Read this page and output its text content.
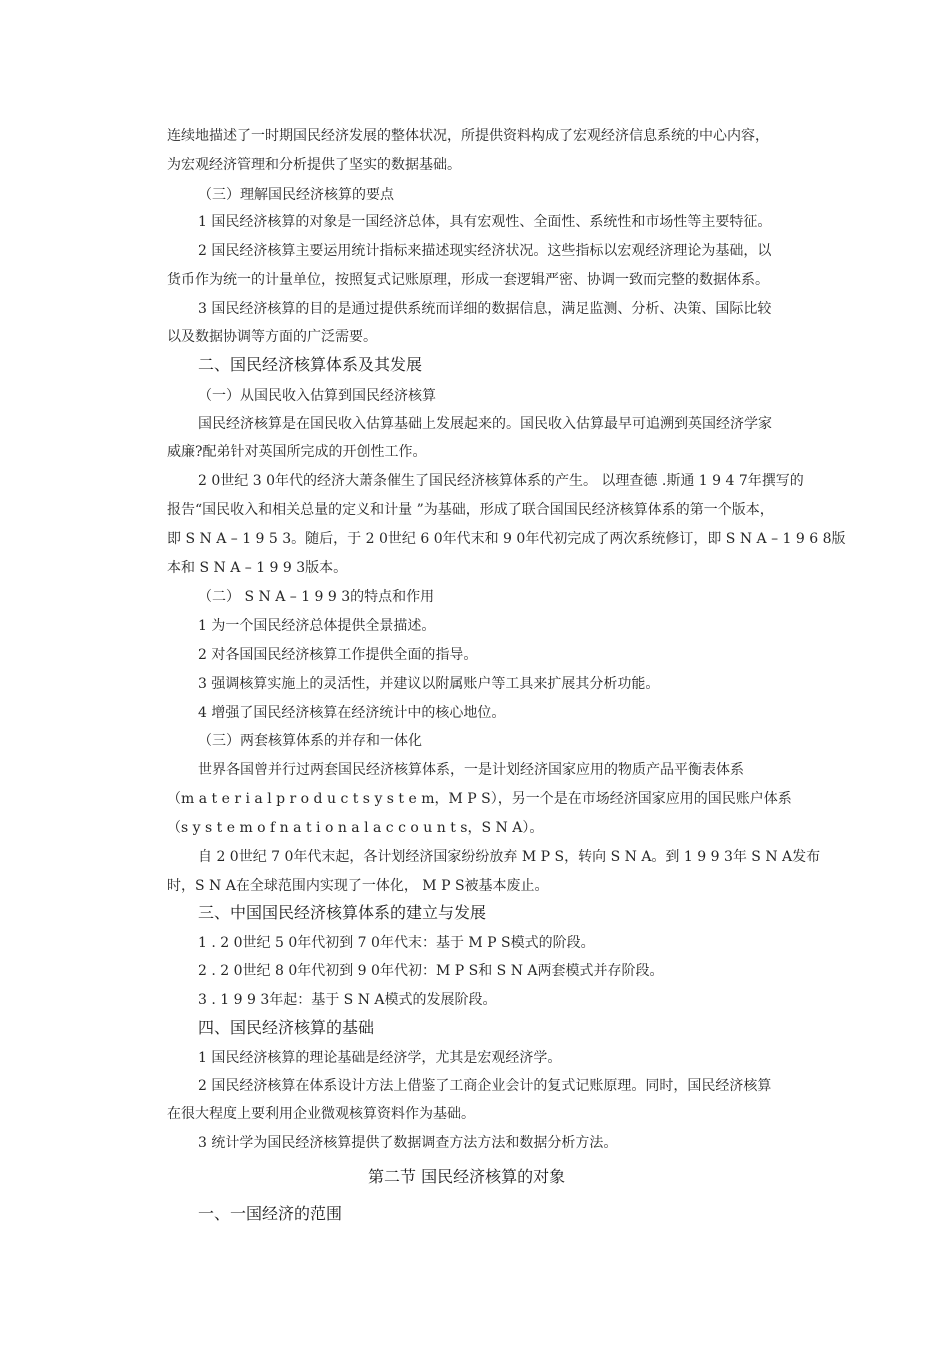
连续地描述了一时期国民经济发展的整体状况，所提供资料构成了宏观经济信息系统的中心内容，
为宏观经济管理和分析提供了坚实的数据基础。
（三）理解国民经济核算的要点
1 国民经济核算的对象是一国经济总体，具有宏观性、全面性、系统性和市场性等主要特征。
2 国民经济核算主要运用统计指标来描述现实经济状况。这些指标以宏观经济理论为基础，以
货币作为统一的计量单位，按照复式记账原理，形成一套逻辑严密、协调一致而完整的数据体系。
3 国民经济核算的目的是通过提供系统而详细的数据信息，满足监测、分析、决策、国际比较
以及数据协调等方面的广泛需要。
二、国民经济核算体系及其发展
（一）从国民收入估算到国民经济核算
国民经济核算是在国民收入估算基础上发展起来的。国民收入估算最早可追溯到英国经济学家
威廉?配弟针对英国所完成的开创性工作。
2 0世纪 3 0年代的经济大萧条催生了国民经济核算体系的产生。 以理查德 .斯通 1 9 4 7年撰写的
报告“国民收入和相关总量的定义和计量 ”为基础，形成了联合国国民经济核算体系的第一个版本，
即 S N A – 1 9 5 3。随后，于 2 0世纪 6 0年代末和 9 0年代初完成了两次系统修订，即 S N A – 1 9 6 8版
本和 S N A – 1 9 9 3版本。
（二） S N A – 1 9 9 3的特点和作用
1 为一个国民经济总体提供全景描述。
2 对各国国民经济核算工作提供全面的指导。
3 强调核算实施上的灵活性，并建议以附属账户等工具来扩展其分析功能。
4 增强了国民经济核算在经济统计中的核心地位。
（三）两套核算体系的并存和一体化
世界各国曾并行过两套国民经济核算体系，一是计划经济国家应用的物质产品平衡表体系
（m a t e r i a l p r o d u c t s y s t e m，M P S），另一个是在市场经济国家应用的国民账户体系
（s y s t e m o f n a t i o n a l a c c o u n t s，S N A）。
自 2 0世纪 7 0年代末起，各计划经济国家纷纷放弃 M P S，转向 S N A。到 1 9 9 3年 S N A发布
时，S N A在全球范围内实现了一体化， M P S被基本废止。
三、中国国民经济核算体系的建立与发展
1 . 2 0世纪 5 0年代初到 7 0年代末：基于 M P S模式的阶段。
2 . 2 0世纪 8 0年代初到 9 0年代初：M P S和 S N A两套模式并存阶段。
3 . 1 9 9 3年起：基于 S N A模式的发展阶段。
四、国民经济核算的基础
1 国民经济核算的理论基础是经济学，尤其是宏观经济学。
2 国民经济核算在体系设计方法上借鉴了工商企业会计的复式记账原理。同时，国民经济核算
在很大程度上要利用企业微观核算资料作为基础。
3 统计学为国民经济核算提供了数据调查方法方法和数据分析方法。
第二节 国民经济核算的对象
一、一国经济的范围
